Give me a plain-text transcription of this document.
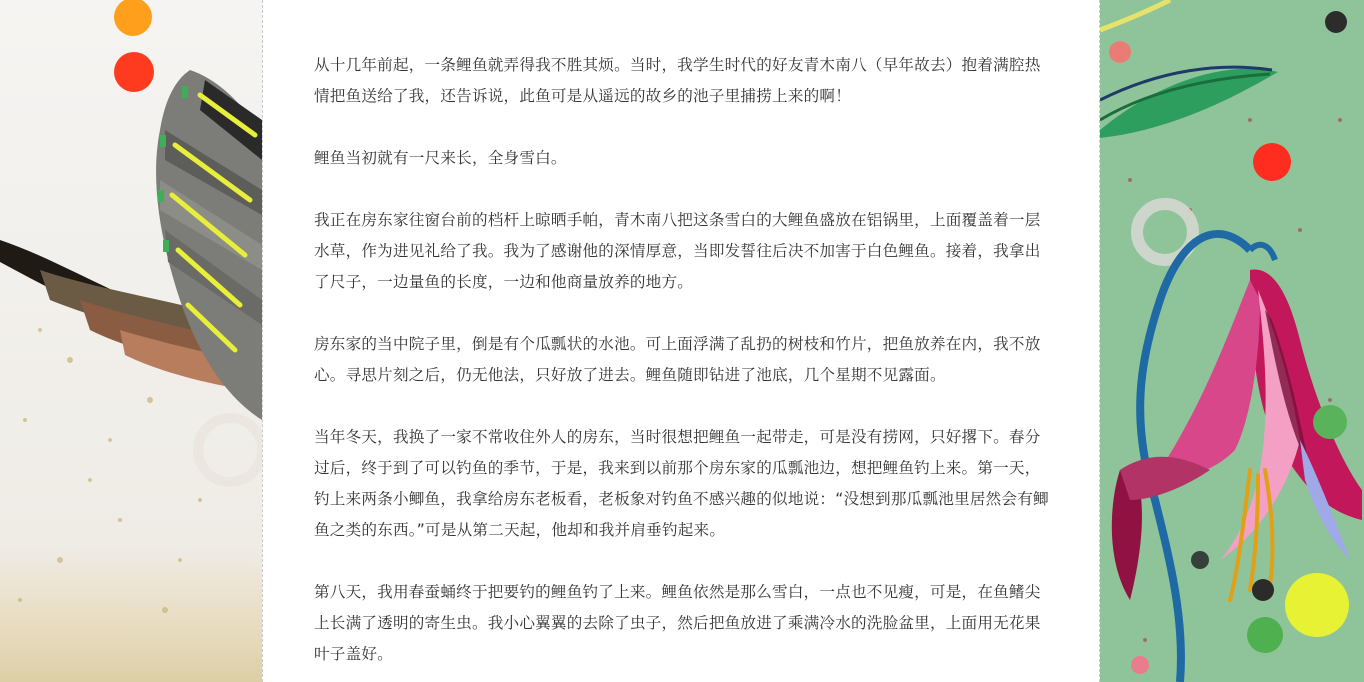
从十几年前起，一条鲤鱼就弄得我不胜其烦。当时，我学生时代的好友青木南八（早年故去）抱着满腔热情把鱼送给了我，还告诉说，此鱼可是从遥远的故乡的池子里捕捞上来的啊！

鲤鱼当初就有一尺来长，全身雪白。

我正在房东家往窗台前的档杆上晾晒手帕，青木南八把这条雪白的大鲤鱼盛放在铝锅里，上面覆盖着一层水草，作为进见礼给了我。我为了感谢他的深情厚意，当即发誓往后决不加害于白色鲤鱼。接着，我拿出了尺子，一边量鱼的长度，一边和他商量放养的地方。

房东家的当中院子里，倒是有个瓜瓢状的水池。可上面浮满了乱扔的树枝和竹片，把鱼放养在内，我不放心。寻思片刻之后，仍无他法，只好放了进去。鲤鱼随即钻进了池底，几个星期不见露面。

当年冬天，我换了一家不常收住外人的房东，当时很想把鲤鱼一起带走，可是没有捞网，只好撂下。春分过后，终于到了可以钓鱼的季节，于是，我来到以前那个房东家的瓜瓢池边，想把鲤鱼钓上来。第一天，钓上来两条小鲫鱼，我拿给房东老板看，老板象对钓鱼不感兴趣的似地说：“没想到那瓜瓢池里居然会有鲫鱼之类的东西。”可是从第二天起，他却和我并肩垂钓起来。

第八天，我用春蚕蛹终于把要钓的鲤鱼钓了上来。鲤鱼依然是那么雪白，一点也不见瘦，可是，在鱼鳍尖上长满了透明的寄生虫。我小心翼翼的去除了虫子，然后把鱼放进了乘满冷水的洗脸盆里，上面用无花果叶子盖好。
